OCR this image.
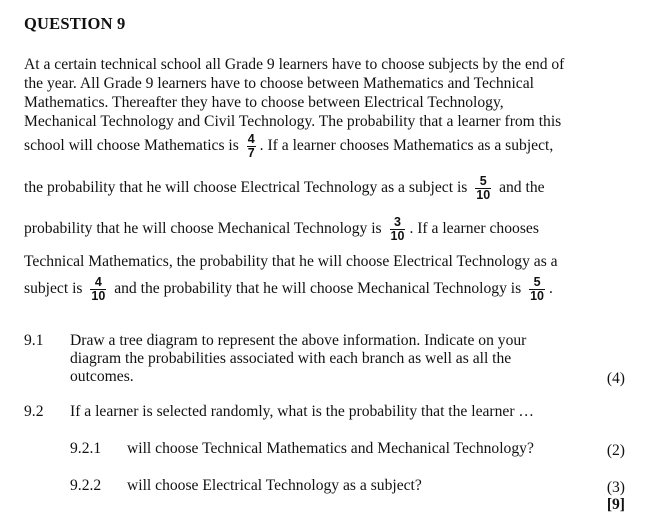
QUESTION 9
At a certain technical school all Grade 9 learners have to choose subjects by the end of
the year. All Grade 9 learners have to choose between Mathematics and Technical
Mathematics. Thereafter they have to choose between Electrical Technology,
Mechanical Technology and Civil Technology. The probability that a learner from this
school will choose Mathematics is $\frac{4}{7}$ . If a learner chooses Mathematics as a subject,
the probability that he will choose Electrical Technology as a subject is $\frac{5}{10}$ and the
probability that he will choose Mechanical Technology is $\frac{3}{10}$ . If a learner chooses
Technical Mathematics, the probability that he will choose Electrical Technology as a
subject is $\frac{4}{10}$ and the probability that he will choose Mechanical Technology is $\frac{5}{10}$ .
9.1 Draw a tree diagram to represent the above information. Indicate on your
diagram the probabilities associated with each branch as well as all the
outcomes.	(4)
9.2 If a learner is selected randomly, what is the probability that the learner …
9.2.1 will choose Technical Mathematics and Mechanical Technology?	(2)
9.2.2 will choose Electrical Technology as a subject?	(3)
[9]
